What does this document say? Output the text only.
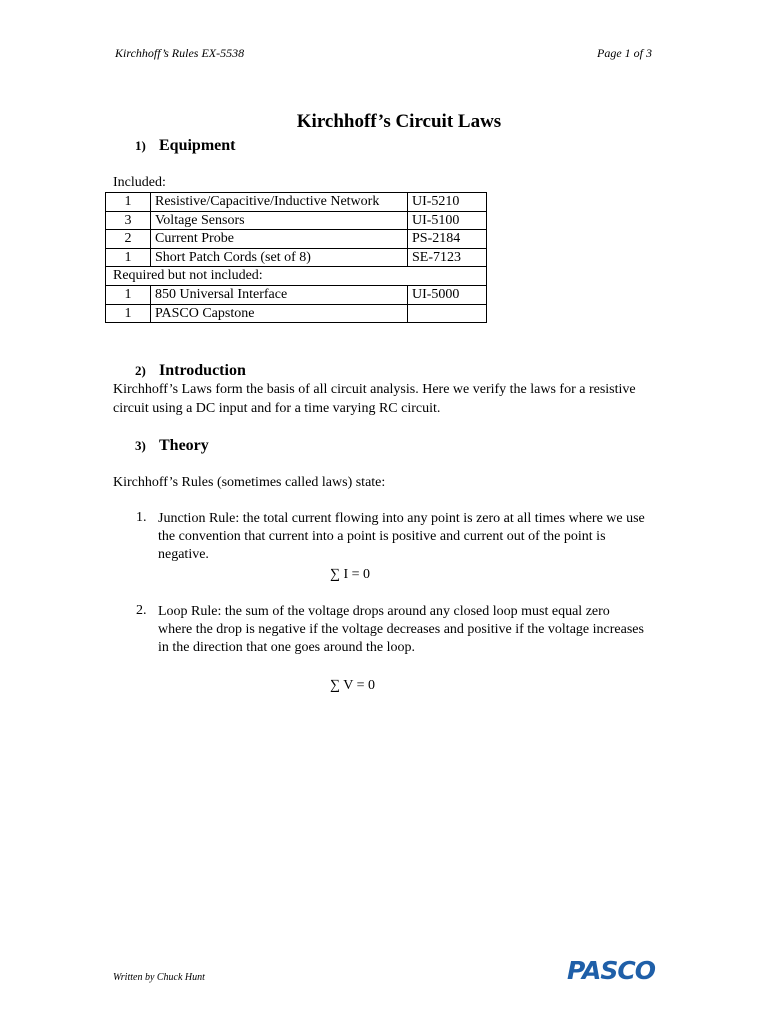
Kirchhoff’s Rules EX-5538	Page 1 of 3
Kirchhoff’s Circuit Laws
1) Equipment
Included:
1	Resistive/Capacitive/Inductive Network	UI-5210
3	Voltage Sensors	UI-5100
2	Current Probe	PS-2184
1	Short Patch Cords (set of 8)	SE-7123
Required but not included:		
1	850 Universal Interface	UI-5000
1	PASCO Capstone	
2) Introduction
Kirchhoff’s Laws form the basis of all circuit analysis. Here we verify the laws for a resistive
circuit using a DC input and for a time varying RC circuit.
3) Theory
Kirchhoff’s Rules (sometimes called laws) state:
1. Junction Rule: the total current flowing into any point is zero at all times where we use
the convention that current into a point is positive and current out of the point is
negative.
∑ I = 0
2. Loop Rule: the sum of the voltage drops around any closed loop must equal zero
where the drop is negative if the voltage decreases and positive if the voltage increases
in the direction that one goes around the loop.
∑ V = 0
Written by Chuck Hunt	PASCO
